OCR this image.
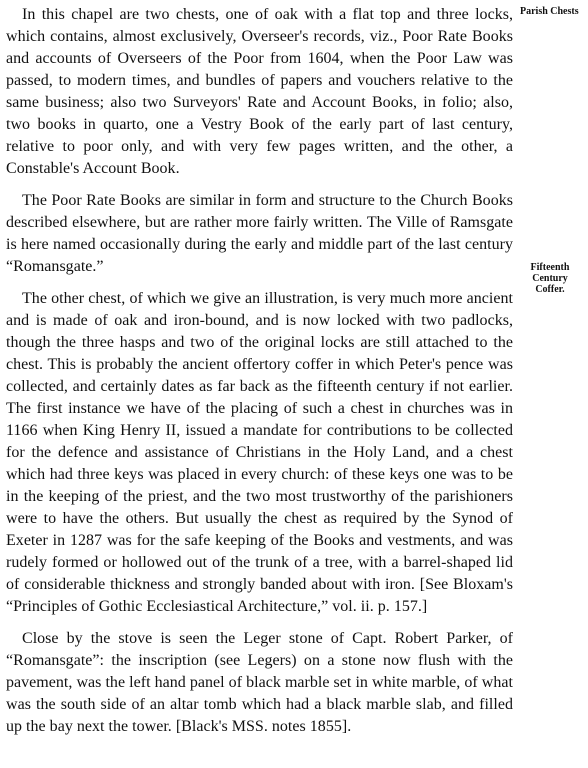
In this chapel are two chests, one of oak with a flat top and three locks, which contains, almost exclusively, Overseer's records, viz., Poor Rate Books and accounts of Overseers of the Poor from 1604, when the Poor Law was passed, to modern times, and bundles of papers and vouchers relative to the same business; also two Surveyors' Rate and Account Books, in folio; also, two books in quarto, one a Vestry Book of the early part of last century, relative to poor only, and with very few pages written, and the other, a Constable's Account Book.

The Poor Rate Books are similar in form and structure to the Church Books described elsewhere, but are rather more fairly written. The Ville of Ramsgate is here named occasionally during the early and middle part of the last century “Romansgate.”

The other chest, of which we give an illustration, is very much more ancient and is made of oak and iron-bound, and is now locked with two padlocks, though the three hasps and two of the original locks are still attached to the chest. This is probably the ancient offertory coffer in which Peter's pence was collected, and certainly dates as far back as the fifteenth century if not earlier. The first instance we have of the placing of such a chest in churches was in 1166 when King Henry II, issued a mandate for contributions to be collected for the defence and assistance of Christians in the Holy Land, and a chest which had three keys was placed in every church: of these keys one was to be in the keeping of the priest, and the two most trustworthy of the parishioners were to have the others. But usually the chest as required by the Synod of Exeter in 1287 was for the safe keeping of the Books and vestments, and was rudely formed or hollowed out of the trunk of a tree, with a barrel-shaped lid of considerable thickness and strongly banded about with iron. [See Bloxam's “Principles of Gothic Ecclesiastical Architecture,” vol. ii. p. 157.]

Close by the stove is seen the Leger stone of Capt. Robert Parker, of “Romansgate”: the inscription (see Legers) on a stone now flush with the pavement, was the left hand panel of black marble set in white marble, of what was the south side of an altar tomb which had a black marble slab, and filled up the bay next the tower. [Black's MSS. notes 1855].

Parish Chests
Fifteenth
Century
Coffer.
